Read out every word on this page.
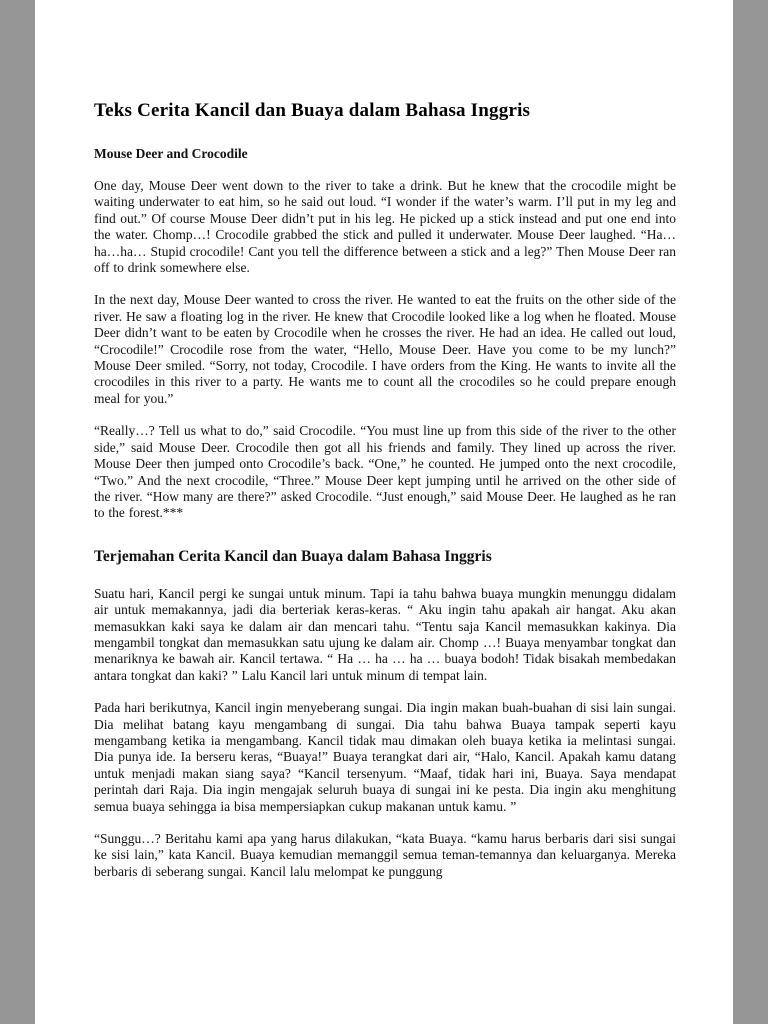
Teks Cerita Kancil dan Buaya dalam Bahasa Inggris
Mouse Deer and Crocodile

One day, Mouse Deer went down to the river to take a drink. But he knew that the crocodile might be waiting underwater to eat him, so he said out loud. “I wonder if the water’s warm. I’ll put in my leg and find out.” Of course Mouse Deer didn’t put in his leg. He picked up a stick instead and put one end into the water. Chomp…! Crocodile grabbed the stick and pulled it underwater. Mouse Deer laughed. “Ha… ha…ha… Stupid crocodile! Cant you tell the difference between a stick and a leg?” Then Mouse Deer ran off to drink somewhere else.

In the next day, Mouse Deer wanted to cross the river. He wanted to eat the fruits on the other side of the river. He saw a floating log in the river. He knew that Crocodile looked like a log when he floated. Mouse Deer didn’t want to be eaten by Crocodile when he crosses the river. He had an idea. He called out loud, “Crocodile!” Crocodile rose from the water, “Hello, Mouse Deer. Have you come to be my lunch?” Mouse Deer smiled. “Sorry, not today, Crocodile. I have orders from the King. He wants to invite all the crocodiles in this river to a party. He wants me to count all the crocodiles so he could prepare enough meal for you.”

“Really…? Tell us what to do,” said Crocodile. “You must line up from this side of the river to the other side,” said Mouse Deer. Crocodile then got all his friends and family. They lined up across the river. Mouse Deer then jumped onto Crocodile’s back. “One,” he counted. He jumped onto the next crocodile, “Two.” And the next crocodile, “Three.” Mouse Deer kept jumping until he arrived on the other side of the river. “How many are there?” asked Crocodile. “Just enough,” said Mouse Deer. He laughed as he ran to the forest.***

Terjemahan Cerita Kancil dan Buaya dalam Bahasa Inggris

Suatu hari, Kancil pergi ke sungai untuk minum. Tapi ia tahu bahwa buaya mungkin menunggu didalam air untuk memakannya, jadi dia berteriak keras-keras. “ Aku ingin tahu apakah air hangat. Aku akan memasukkan kaki saya ke dalam air dan mencari tahu. “Tentu saja Kancil memasukkan kakinya. Dia mengambil tongkat dan memasukkan satu ujung ke dalam air. Chomp …! Buaya menyambar tongkat dan menariknya ke bawah air. Kancil tertawa. “ Ha … ha … ha … buaya bodoh! Tidak bisakah membedakan antara tongkat dan kaki? ” Lalu Kancil lari untuk minum di tempat lain.

Pada hari berikutnya, Kancil ingin menyeberang sungai. Dia ingin makan buah-buahan di sisi lain sungai. Dia melihat batang kayu mengambang di sungai. Dia tahu bahwa Buaya tampak seperti kayu mengambang ketika ia mengambang. Kancil tidak mau dimakan oleh buaya ketika ia melintasi sungai. Dia punya ide. Ia berseru keras, “Buaya!” Buaya terangkat dari air, “Halo, Kancil. Apakah kamu datang untuk menjadi makan siang saya? “Kancil tersenyum. “Maaf, tidak hari ini, Buaya. Saya mendapat perintah dari Raja. Dia ingin mengajak seluruh buaya di sungai ini ke pesta. Dia ingin aku menghitung semua buaya sehingga ia bisa mempersiapkan cukup makanan untuk kamu. ”

“Sunggu…? Beritahu kami apa yang harus dilakukan, “kata Buaya. “kamu harus berbaris dari sisi sungai ke sisi lain,” kata Kancil. Buaya kemudian memanggil semua teman-temannya dan keluarganya. Mereka berbaris di seberang sungai. Kancil lalu melompat ke punggung
